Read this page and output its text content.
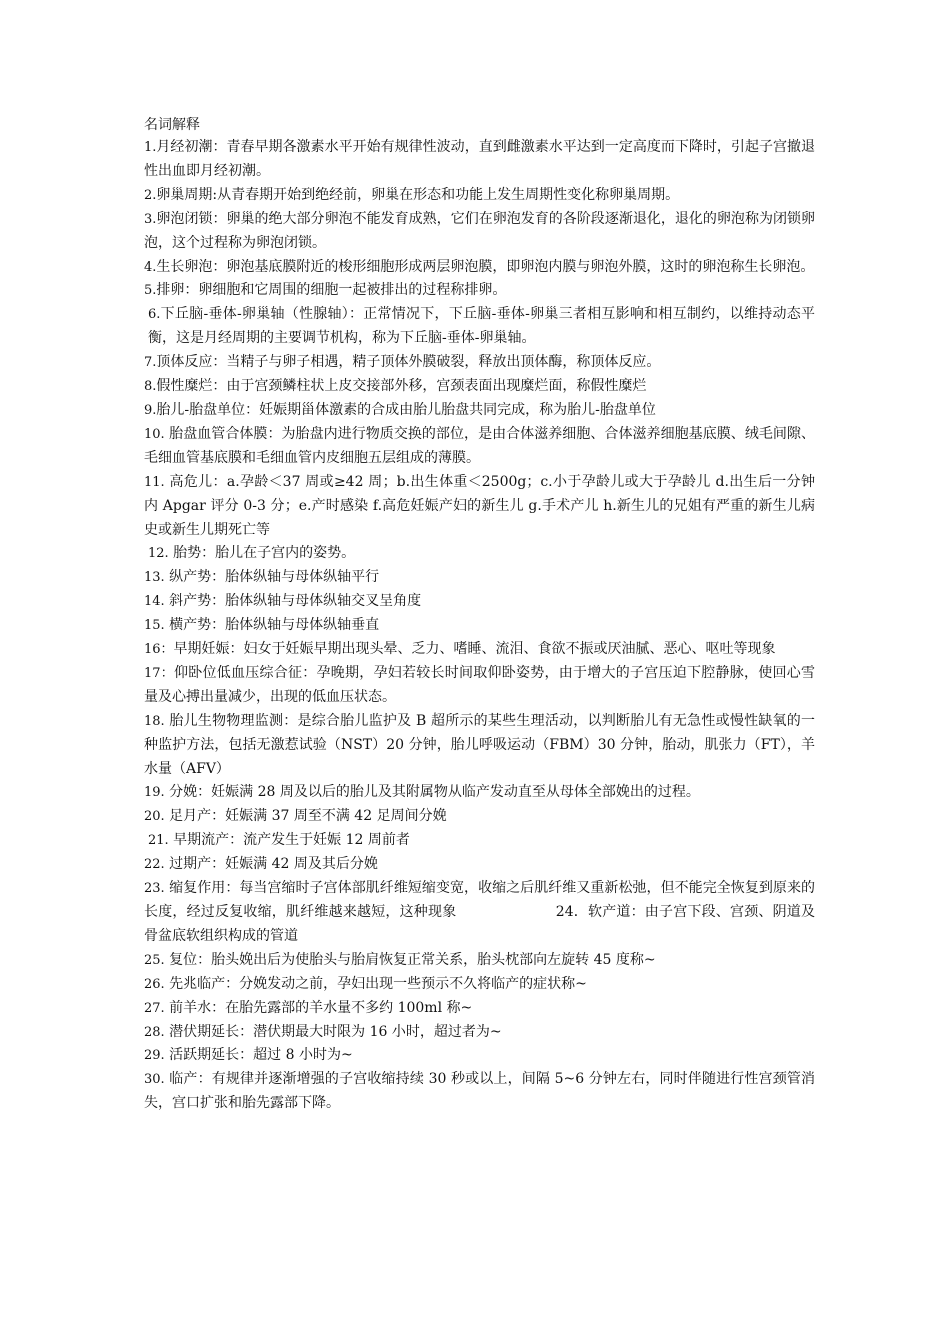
名词解释

1.月经初潮：青春早期各激素水平开始有规律性波动，直到雌激素水平达到一定高度而下降时，引起子宫撤退性出血即月经初潮。
2.卵巢周期:从青春期开始到绝经前，卵巢在形态和功能上发生周期性变化称卵巢周期。
3.卵泡闭锁：卵巢的绝大部分卵泡不能发育成熟，它们在卵泡发育的各阶段逐渐退化，退化的卵泡称为闭锁卵泡，这个过程称为卵泡闭锁。
4.生长卵泡：卵泡基底膜附近的梭形细胞形成两层卵泡膜，即卵泡内膜与卵泡外膜，这时的卵泡称生长卵泡。
5.排卵：卵细胞和它周围的细胞一起被排出的过程称排卵。
6.下丘脑-垂体-卵巢轴（性腺轴）：正常情况下，下丘脑-垂体-卵巢三者相互影响和相互制约，以维持动态平衡，这是月经周期的主要调节机构，称为下丘脑-垂体-卵巢轴。
7.顶体反应：当精子与卵子相遇，精子顶体外膜破裂，释放出顶体酶，称顶体反应。
8.假性糜烂：由于宫颈鳞柱状上皮交接部外移，宫颈表面出现糜烂面，称假性糜烂
9.胎儿-胎盘单位：妊娠期甾体激素的合成由胎儿胎盘共同完成，称为胎儿-胎盘单位
10. 胎盘血管合体膜：为胎盘内进行物质交换的部位，是由合体滋养细胞、合体滋养细胞基底膜、绒毛间隙、毛细血管基底膜和毛细血管内皮细胞五层组成的薄膜。
11. 高危儿：a.孕龄＜37 周或≥42 周；b.出生体重＜2500g；c.小于孕龄儿或大于孕龄儿 d.出生后一分钟内 Apgar 评分 0-3 分；e.产时感染 f.高危妊娠产妇的新生儿 g.手术产儿 h.新生儿的兄姐有严重的新生儿病史或新生儿期死亡等
12. 胎势：胎儿在子宫内的姿势。
13. 纵产势：胎体纵轴与母体纵轴平行
14. 斜产势：胎体纵轴与母体纵轴交叉呈角度
15. 横产势：胎体纵轴与母体纵轴垂直
16：早期妊娠：妇女于妊娠早期出现头晕、乏力、嗜睡、流泪、食欲不振或厌油腻、恶心、呕吐等现象
17：仰卧位低血压综合征：孕晚期，孕妇若较长时间取仰卧姿势，由于增大的子宫压迫下腔静脉，使回心雪量及心搏出量减少，出现的低血压状态。
18. 胎儿生物物理监测：是综合胎儿监护及 B 超所示的某些生理活动，以判断胎儿有无急性或慢性缺氧的一种监护方法，包括无激惹试验（NST）20 分钟，胎儿呼吸运动（FBM）30 分钟，胎动，肌张力（FT），羊水量（AFV）
19. 分娩：妊娠满 28 周及以后的胎儿及其附属物从临产发动直至从母体全部娩出的过程。
20. 足月产：妊娠满 37 周至不满 42 足周间分娩
21. 早期流产：流产发生于妊娠 12 周前者
22. 过期产：妊娠满 42 周及其后分娩
23. 缩复作用：每当宫缩时子宫体部肌纤维短缩变宽，收缩之后肌纤维又重新松弛，但不能完全恢复到原来的长度，经过反复收缩，肌纤维越来越短，这种现象　　　　　　　24．软产道：由子宫下段、宫颈、阴道及骨盆底软组织构成的管道
25. 复位：胎头娩出后为使胎头与胎肩恢复正常关系，胎头枕部向左旋转 45 度称~
26. 先兆临产：分娩发动之前，孕妇出现一些预示不久将临产的症状称~
27. 前羊水：在胎先露部的羊水量不多约 100ml 称~
28. 潜伏期延长：潜伏期最大时限为 16 小时，超过者为~
29. 活跃期延长：超过 8 小时为~
30. 临产：有规律并逐渐增强的子宫收缩持续 30 秒或以上，间隔 5~6 分钟左右，同时伴随进行性宫颈管消失，宫口扩张和胎先露部下降。
